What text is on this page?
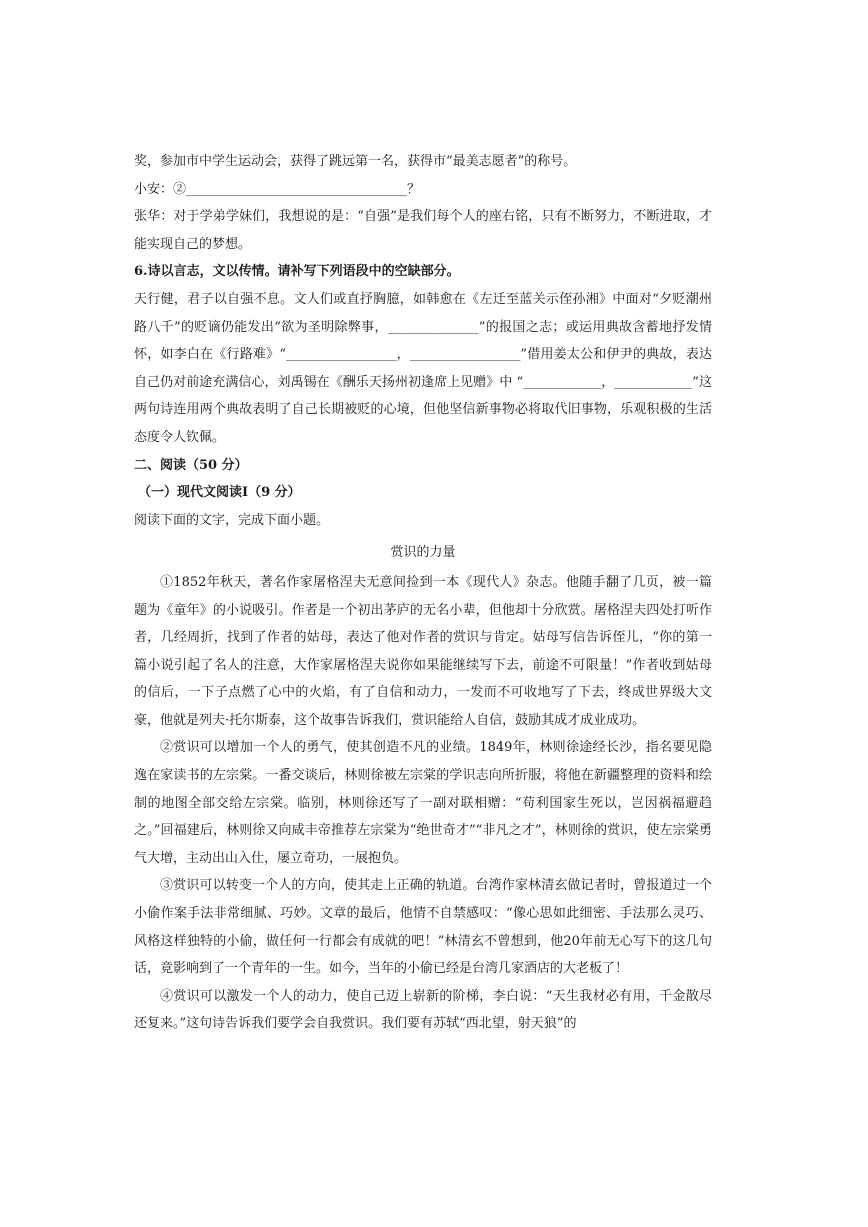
奖，参加市中学生运动会，获得了跳远第一名，获得市“最美志愿者”的称号。

小安：②__________________________________？

张华：对于学弟学妹们，我想说的是：“自强”是我们每个人的座右铭，只有不断努力，不断进取，才能实现自己的梦想。

6.诗以言志，文以传情。请补写下列语段中的空缺部分。

天行健，君子以自强不息。文人们或直抒胸臆，如韩愈在《左迁至蓝关示侄孙湘》中面对“夕贬潮州路八千”的贬谪仍能发出“欲为圣明除弊事，______________”的报国之志；或运用典故含蓄地抒发情怀，如李白在《行路难》“_________________，_________________”借用姜太公和伊尹的典故，表达自己仍对前途充满信心，刘禹锡在《酬乐天扬州初逢席上见赠》中 “____________，____________”这两句诗连用两个典故表明了自己长期被贬的心境，但他坚信新事物必将取代旧事物，乐观积极的生活态度令人钦佩。

二、阅读（50 分）

（一）现代文阅读Ⅰ（9 分）

阅读下面的文字，完成下面小题。

赏识的力量

①1852年秋天，著名作家屠格涅夫无意间捡到一本《现代人》杂志。他随手翻了几页，被一篇题为《童年》的小说吸引。作者是一个初出茅庐的无名小辈，但他却十分欣赏。屠格涅夫四处打听作者，几经周折，找到了作者的姑母，表达了他对作者的赏识与肯定。姑母写信告诉侄儿，“你的第一篇小说引起了名人的注意，大作家屠格涅夫说你如果能继续写下去，前途不可限量！”作者收到姑母的信后，一下子点燃了心中的火焰，有了自信和动力，一发而不可收地写了下去，终成世界级大文豪，他就是列夫·托尔斯泰，这个故事告诉我们，赏识能给人自信，鼓励其成才成业成功。

②赏识可以增加一个人的勇气，使其创造不凡的业绩。1849年，林则徐途经长沙，指名要见隐逸在家读书的左宗棠。一番交谈后，林则徐被左宗棠的学识志向所折服，将他在新疆整理的资料和绘制的地图全部交给左宗棠。临别，林则徐还写了一副对联相赠：“苟利国家生死以，岂因祸福避趋之。”回福建后，林则徐又向咸丰帝推荐左宗棠为“绝世奇才”“非凡之才”，林则徐的赏识，使左宗棠勇气大增，主动出山入仕，屡立奇功，一展抱负。

③赏识可以转变一个人的方向，使其走上正确的轨道。台湾作家林清玄做记者时，曾报道过一个小偷作案手法非常细腻、巧妙。文章的最后，他情不自禁感叹：“像心思如此细密、手法那么灵巧、风格这样独特的小偷，做任何一行都会有成就的吧！”林清玄不曾想到，他20年前无心写下的这几句话，竟影响到了一个青年的一生。如今，当年的小偷已经是台湾几家酒店的大老板了！

④赏识可以激发一个人的动力，使自己迈上崭新的阶梯，李白说：“天生我材必有用，千金散尽还复来。”这句诗告诉我们要学会自我赏识。我们要有苏轼“西北望，射天狼”的
